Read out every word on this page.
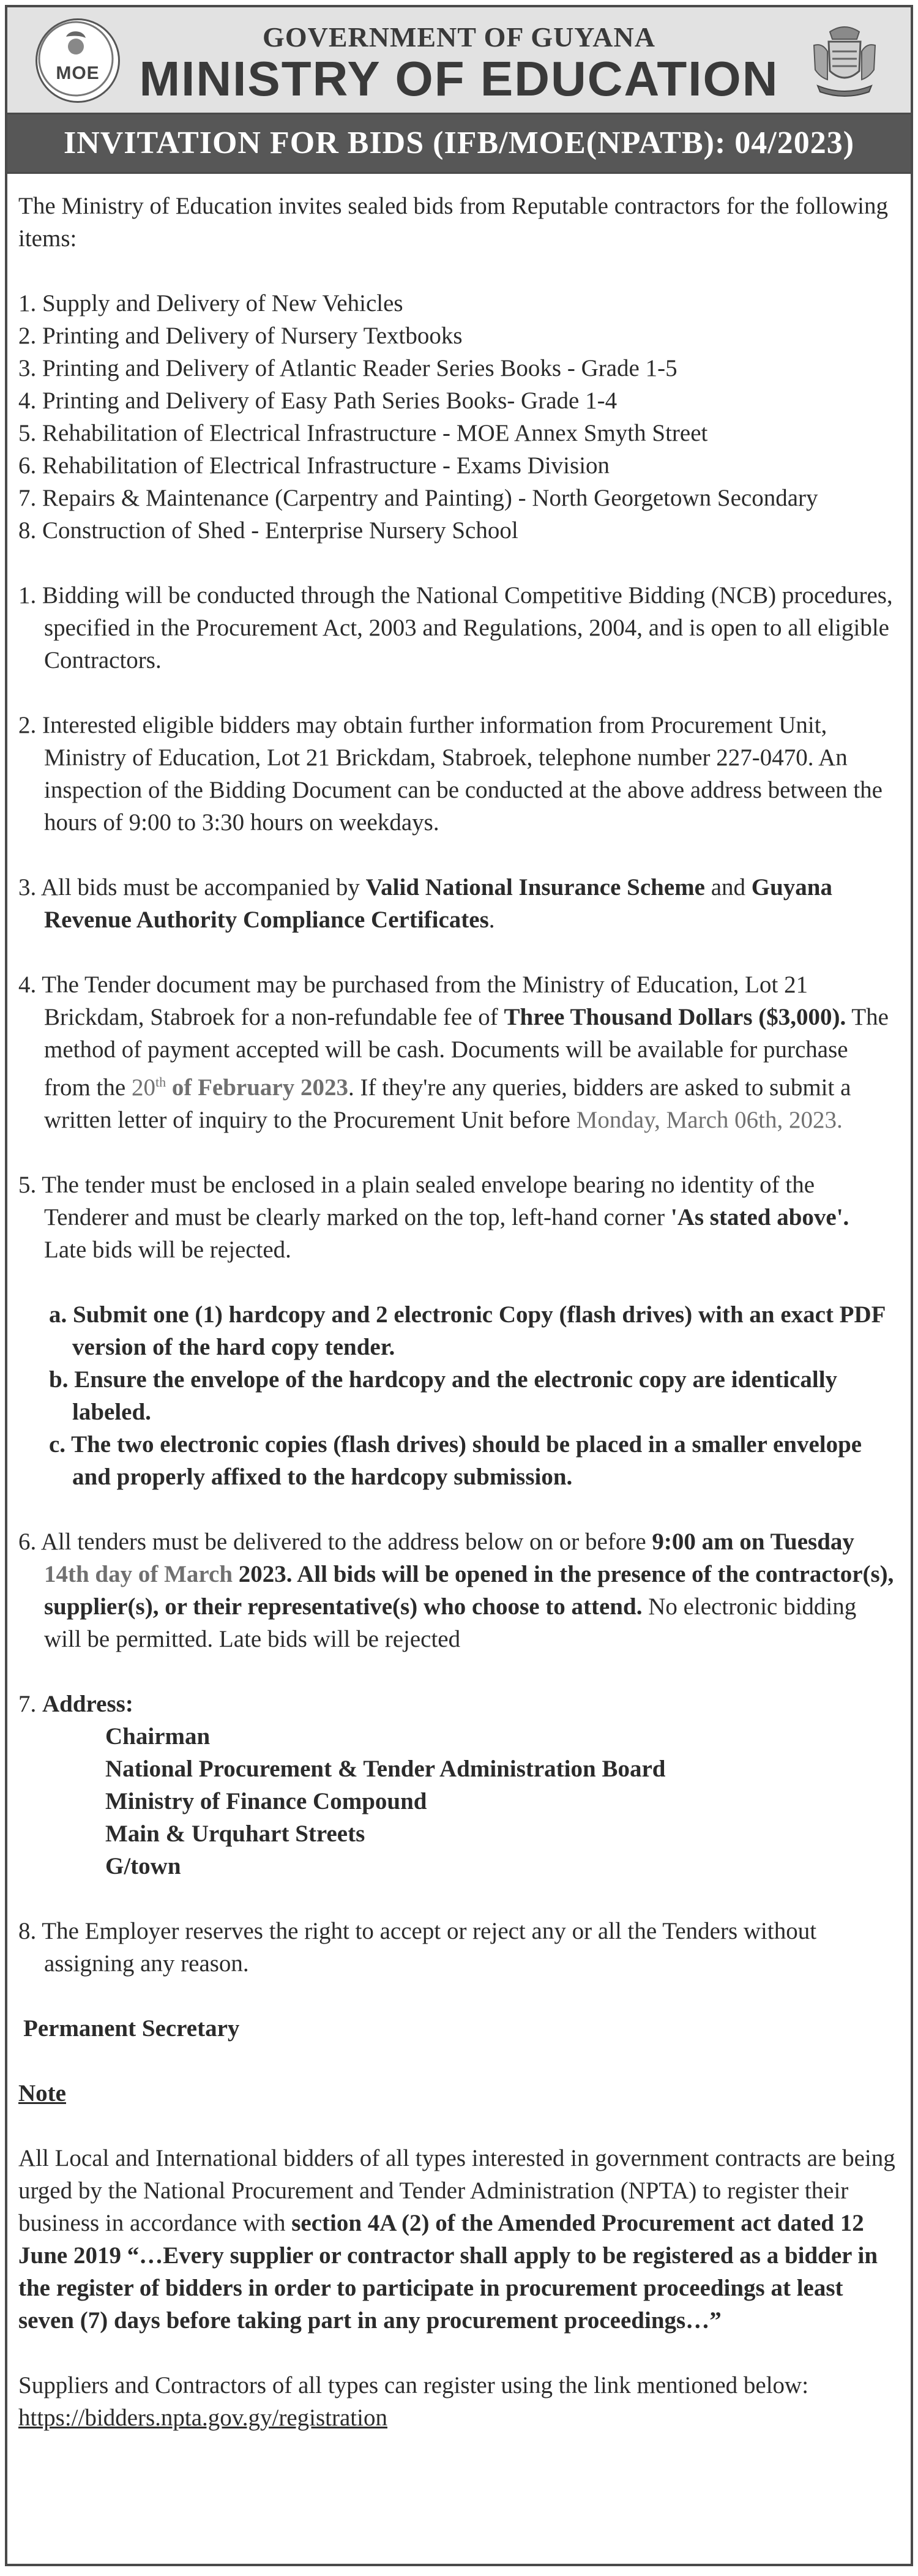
MOE
GOVERNMENT OF GUYANA
MINISTRY OF EDUCATION
INVITATION FOR BIDS (IFB/MOE(NPATB): 04/2023)

The Ministry of Education invites sealed bids from Reputable contractors for the following items:

1. Supply and Delivery of New Vehicles

2. Printing and Delivery of Nursery Textbooks

3. Printing and Delivery of Atlantic Reader Series Books - Grade 1-5

4. Printing and Delivery of Easy Path Series Books- Grade 1-4

5. Rehabilitation of Electrical Infrastructure - MOE Annex Smyth Street

6. Rehabilitation of Electrical Infrastructure - Exams Division

7. Repairs & Maintenance (Carpentry and Painting) - North Georgetown Secondary

8. Construction of Shed - Enterprise Nursery School

1. Bidding will be conducted through the National Competitive Bidding (NCB) procedures, specified in the Procurement Act, 2003 and Regulations, 2004, and is open to all eligible Contractors.

2. Interested eligible bidders may obtain further information from Procurement Unit, Ministry of Education, Lot 21 Brickdam, Stabroek, telephone number 227-0470. An inspection of the Bidding Document can be conducted at the above address between the hours of 9:00 to 3:30 hours on weekdays.

3. All bids must be accompanied by Valid National Insurance Scheme and Guyana Revenue Authority Compliance Certificates.

4. The Tender document may be purchased from the Ministry of Education, Lot 21 Brickdam, Stabroek for a non-refundable fee of Three Thousand Dollars ($3,000). The method of payment accepted will be cash. Documents will be available for purchase from the 20th of February 2023. If they're any queries, bidders are asked to submit a written letter of inquiry to the Procurement Unit before Monday, March 06th, 2023.

5. The tender must be enclosed in a plain sealed envelope bearing no identity of the Tenderer and must be clearly marked on the top, left-hand corner 'As stated above'. Late bids will be rejected.

a. Submit one (1) hardcopy and 2 electronic Copy (flash drives) with an exact PDF version of the hard copy tender.

b. Ensure the envelope of the hardcopy and the electronic copy are identically labeled.

c. The two electronic copies (flash drives) should be placed in a smaller envelope and properly affixed to the hardcopy submission.

6. All tenders must be delivered to the address below on or before 9:00 am on Tuesday 14th day of March 2023. All bids will be opened in the presence of the contractor(s), supplier(s), or their representative(s) who choose to attend. No electronic bidding will be permitted. Late bids will be rejected

7. Address:

Chairman

National Procurement & Tender Administration Board

Ministry of Finance Compound

Main & Urquhart Streets

G/town

8. The Employer reserves the right to accept or reject any or all the Tenders without assigning any reason.

Permanent Secretary

Note

All Local and International bidders of all types interested in government contracts are being urged by the National Procurement and Tender Administration (NPTA) to register their business in accordance with section 4A (2) of the Amended Procurement act dated 12 June 2019 “…Every supplier or contractor shall apply to be registered as a bidder in the register of bidders in order to participate in procurement proceedings at least seven (7) days before taking part in any procurement proceedings…”

Suppliers and Contractors of all types can register using the link mentioned below: https://bidders.npta.gov.gy/registration
